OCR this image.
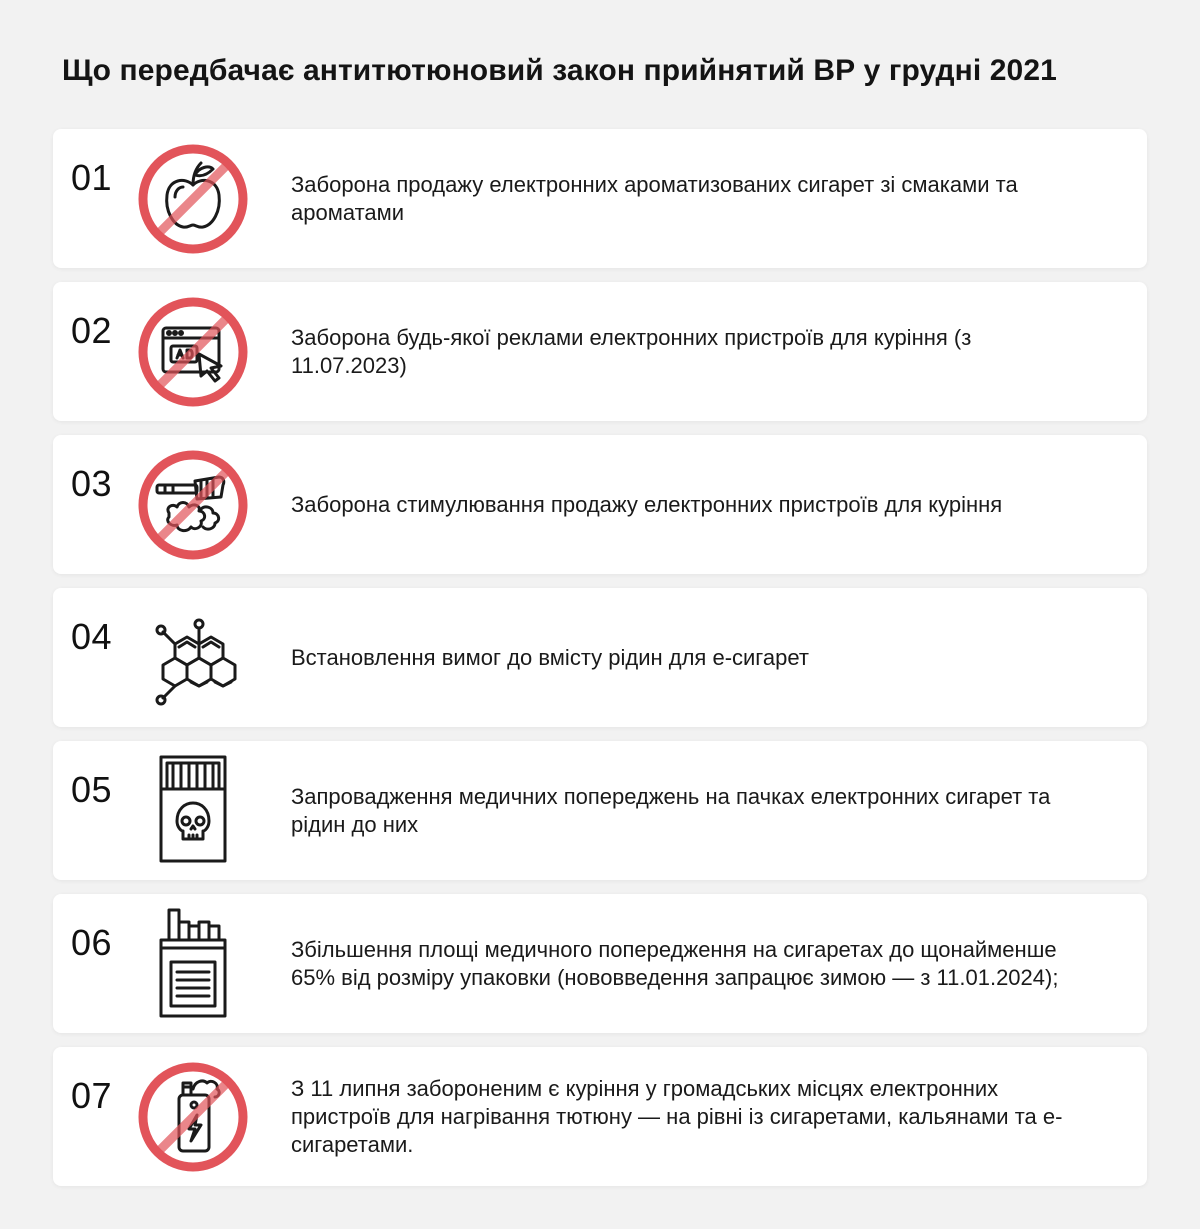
Що передбачає антитютюновий закон прийнятий ВР у грудні 2021
01	Заборона продажу електронних ароматизованих сигарет зі смаками та ароматами
02	Заборона будь-якої реклами електронних пристроїв для куріння (з 11.07.2023)
03	Заборона стимулювання продажу електронних пристроїв для куріння
04	Встановлення вимог до вмісту рідин для е-сигарет
05	Запровадження медичних попереджень на пачках електронних сигарет та рідин до них
06	Збільшення площі медичного попередження на сигаретах до щонайменше 65% від розміру упаковки (нововведення запрацює зимою — з 11.01.2024);
07	З 11 липня забороненим є куріння у громадських місцях електронних пристроїв для нагрівання тютюну — на рівні із сигаретами, кальянами та е-сигаретами.
